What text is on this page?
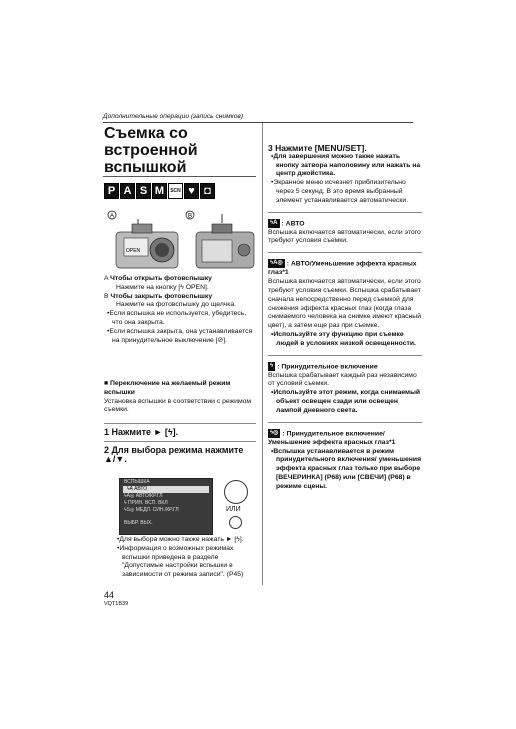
Дополнительные операции (запись снимков)
Съемка со
встроенной
вспышкой
P A S M	SCN ♥ ◘
A	B
OPEN
A Чтобы открыть фотовспышку
Нажмите на кнопку [ϟ OPEN].
B Чтобы закрыть фотовспышку
Нажмите на фотовспышку до щелчка.
•Если вспышка не используется, убедитесь, что она закрыта.
•Если вспышка закрыта, она устанавливается на принудительное выключение [⊘].
■ Переключение на желаемый режим вспышки
Установка вспышки в соответствии с режимом съемки.
1 Нажмите ► [ϟ].
2 Для выбора режима нажмите ▲/▼.
ВСПЫШКА
ϟA АВТО
ϟA◎ АВТО/КР.ГЛ
ϟ ПРИН. ВСП. ВКЛ
ϟS◎ МЕДЛ. СИН./КР.ГЛ
ВЫБР. ВЫХ.
ИЛИ
•Для выбора можно также нажать ► [ϟ].
•Информация о возможных режимах вспышки приведена в разделе "Допустимые настройки вспышки в зависимости от режима записи". (P45)
44
VQT1B39
3 Нажмите [MENU/SET].
•Для завершения можно также нажать кнопку затвора наполовину или нажать на центр джойстика.
•Экранное меню исчезнет приблизительно через 5 секунд. В это время выбранный элемент устанавливается автоматически.
ϟA : АВТО
Вспышка включается автоматически, если этого требуют условия съемки.
ϟA◎ : АВТО/Уменьшение эффекта красных глаз*1
Вспышка включается автоматически, если этого требуют условия съемки. Вспышка срабатывает сначала непосредственно перед съемкой для снижения эффекта красных глаз (когда глаза снимаемого человека на снимке имеют красный цвет), а затем еще раз при съемке.
•Используйте эту функцию при съемке людей в условиях низкой освещенности.
ϟ : Принудительное включение
Вспышка срабатывает каждый раз независимо от условий съемки.
•Используйте этот режим, когда снимаемый объект освещен сзади или освещен лампой дневного света.
ϟ◎ : Принудительное включение/ Уменьшение эффекта красных глаз*1
•Вспышка устанавливается в режим принудительного включения/ уменьшения эффекта красных глаз только при выборе [ВЕЧЕРИНКА] (P68) или [СВЕЧИ] (P68) в режиме сцены.
